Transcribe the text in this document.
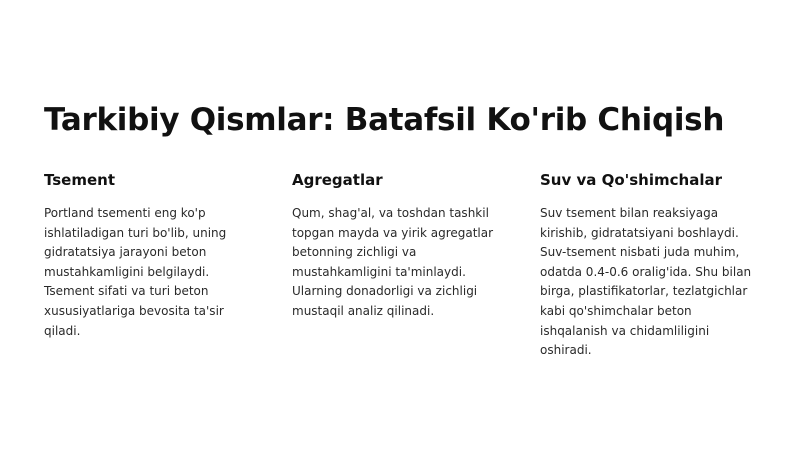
Tarkibiy Qismlar: Batafsil Ko'rib Chiqish
Tsement

Portland tsementi eng ko'p ishlatiladigan turi bo'lib, uning gidratatsiya jarayoni beton mustahkamligini belgilaydi. Tsement sifati va turi beton xususiyatlariga bevosita ta'sir qiladi.

Agregatlar

Qum, shag'al, va toshdan tashkil topgan mayda va yirik agregatlar betonning zichligi va mustahkamligini ta'minlaydi. Ularning donadorligi va zichligi mustaqil analiz qilinadi.

Suv va Qo'shimchalar

Suv tsement bilan reaksiyaga kirishib, gidratatsiyani boshlaydi. Suv-tsement nisbati juda muhim, odatda 0.4-0.6 oralig'ida. Shu bilan birga, plastifikatorlar, tezlatgichlar kabi qo'shimchalar beton ishqalanish va chidamliligini oshiradi.
